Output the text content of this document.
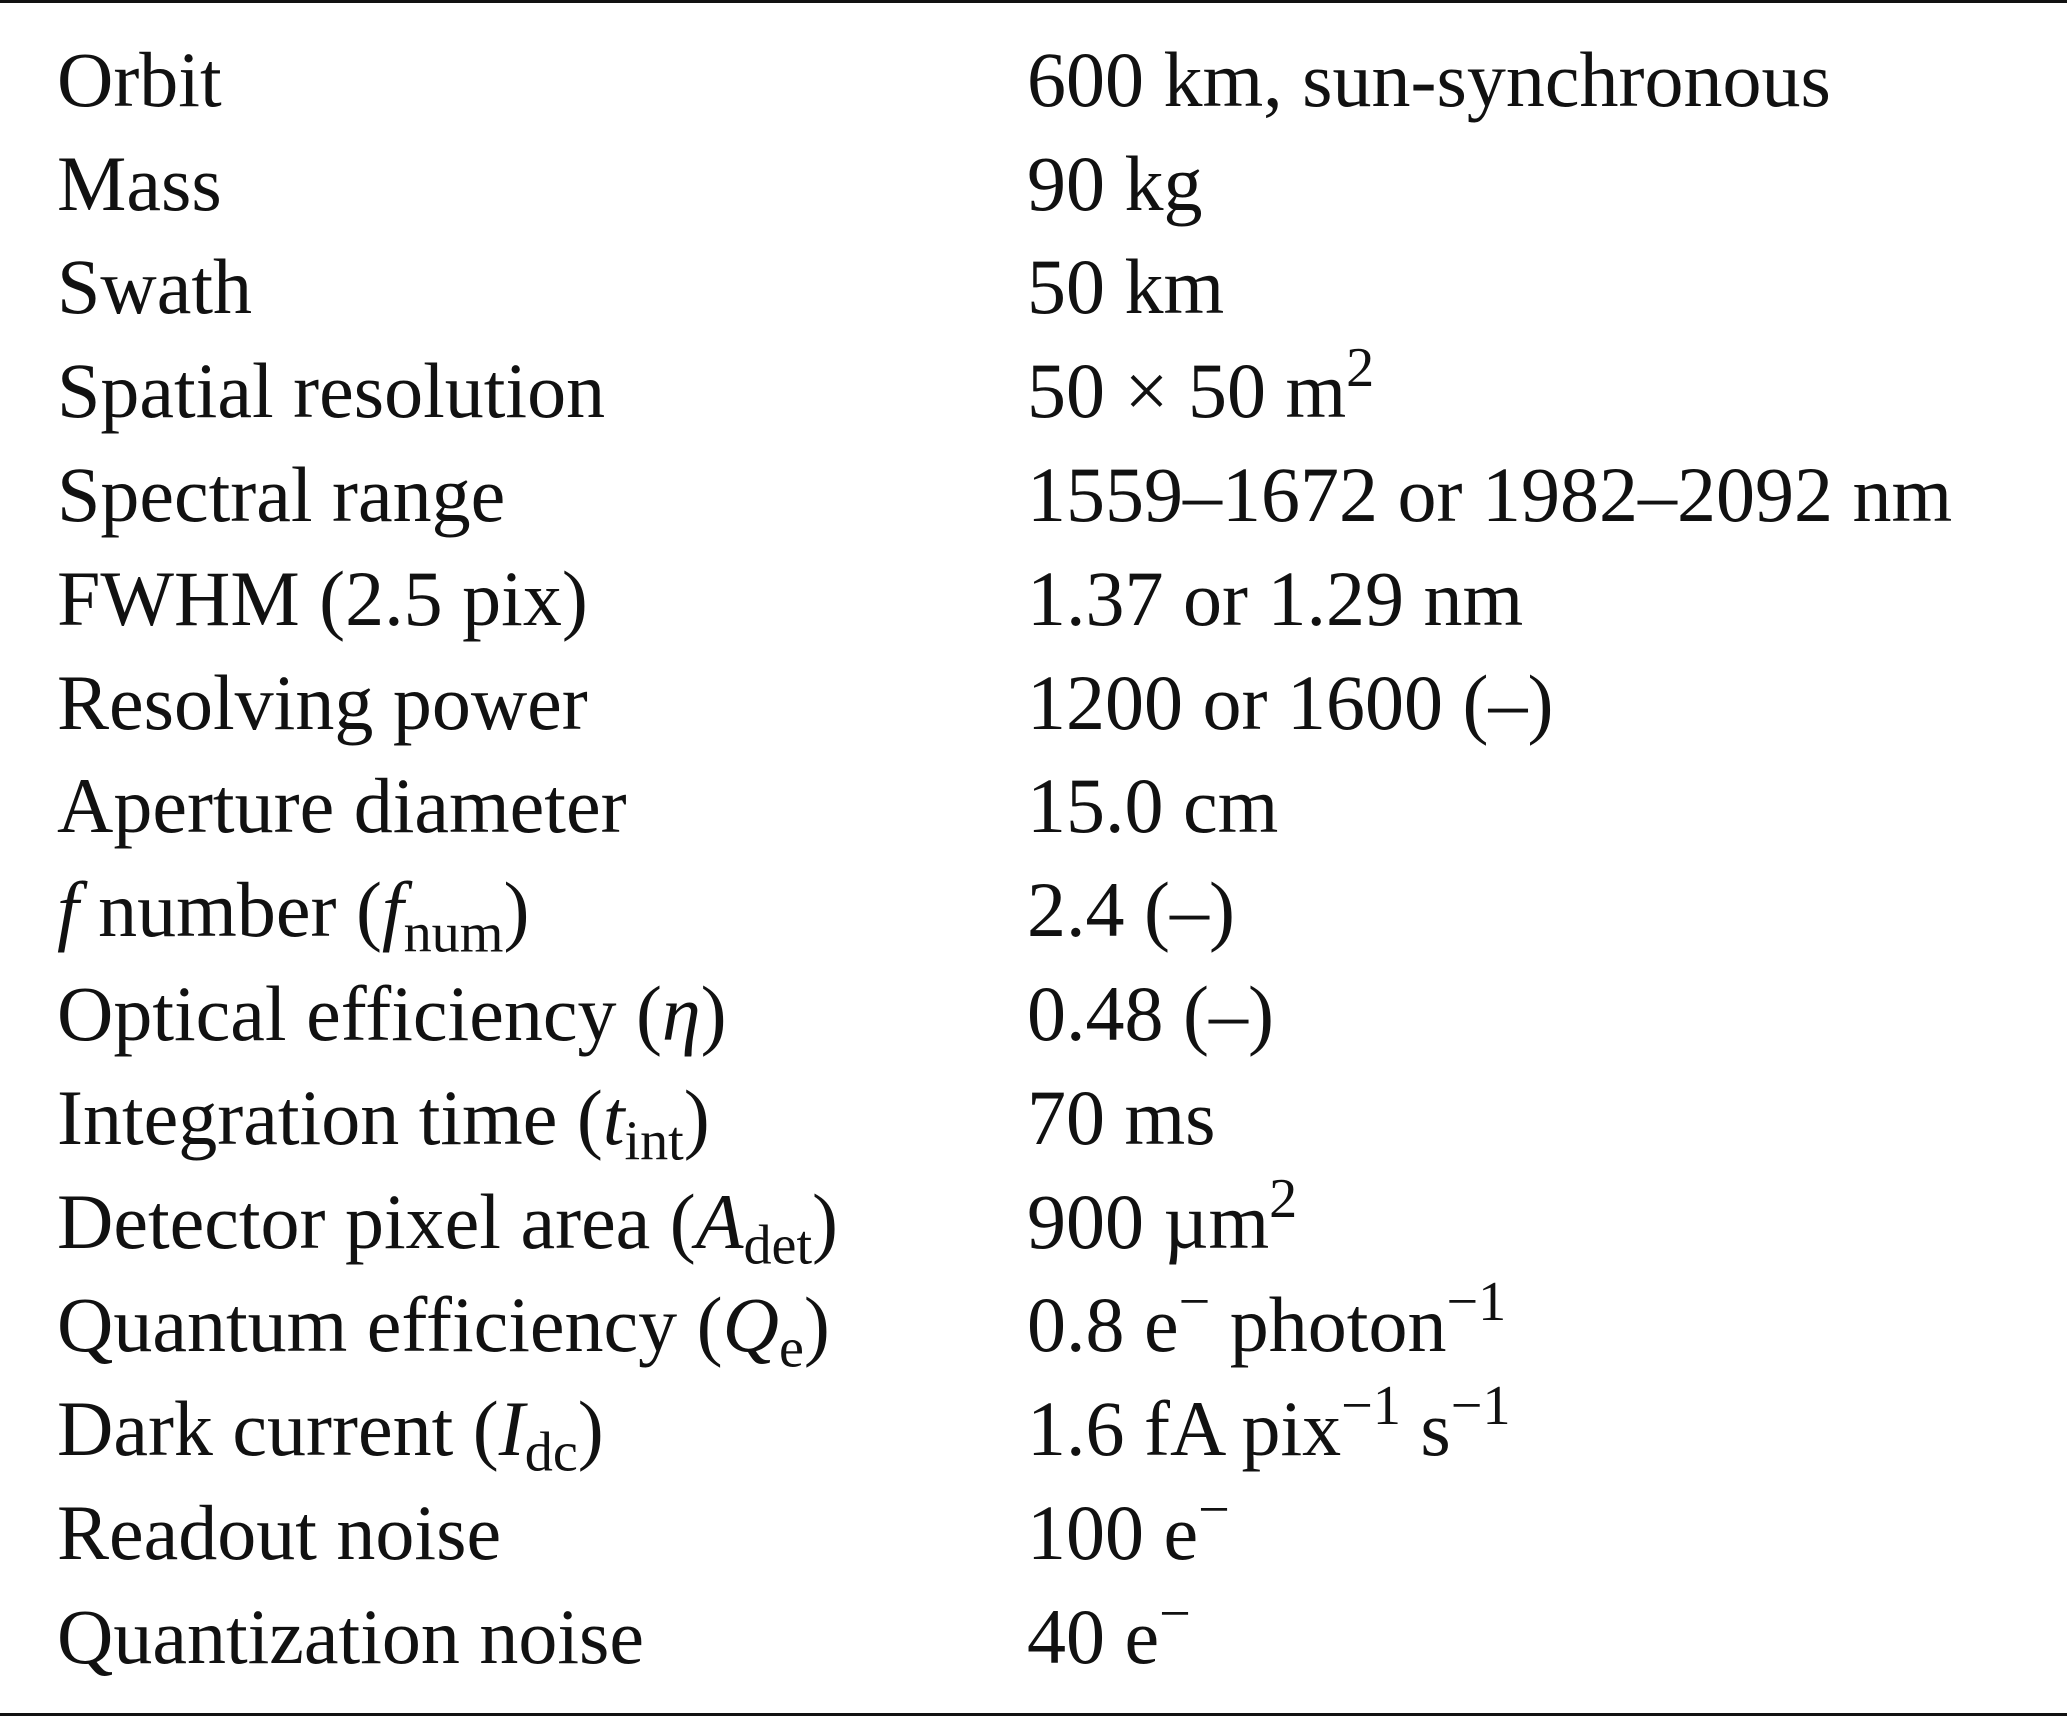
Orbit	600 km, sun-synchronous
Mass	90 kg
Swath	50 km
Spatial resolution	50 × 50 $m^2$
Spectral range	1559–1672 or 1982–2092 nm
FWHM (2.5 pix)	1.37 or 1.29 nm
Resolving power	1200 or 1600 (–)
Aperture diameter	15.0 cm
f number $(f_{num})$	2.4 (–)
Optical efficiency (η)	0.48 (–)
Integration time $(t_{int})$	70 ms
Detector pixel area $(A_{det})$	900 µm$^2$
Quantum efficiency $(Q_e)$	0.8 e− photon$^{-1}$
Dark current $(I_{dc})$	1.6 fA pix$^{-1}$ $s^{-1}$
Readout noise	100 e−
Quantization noise	40 e−
